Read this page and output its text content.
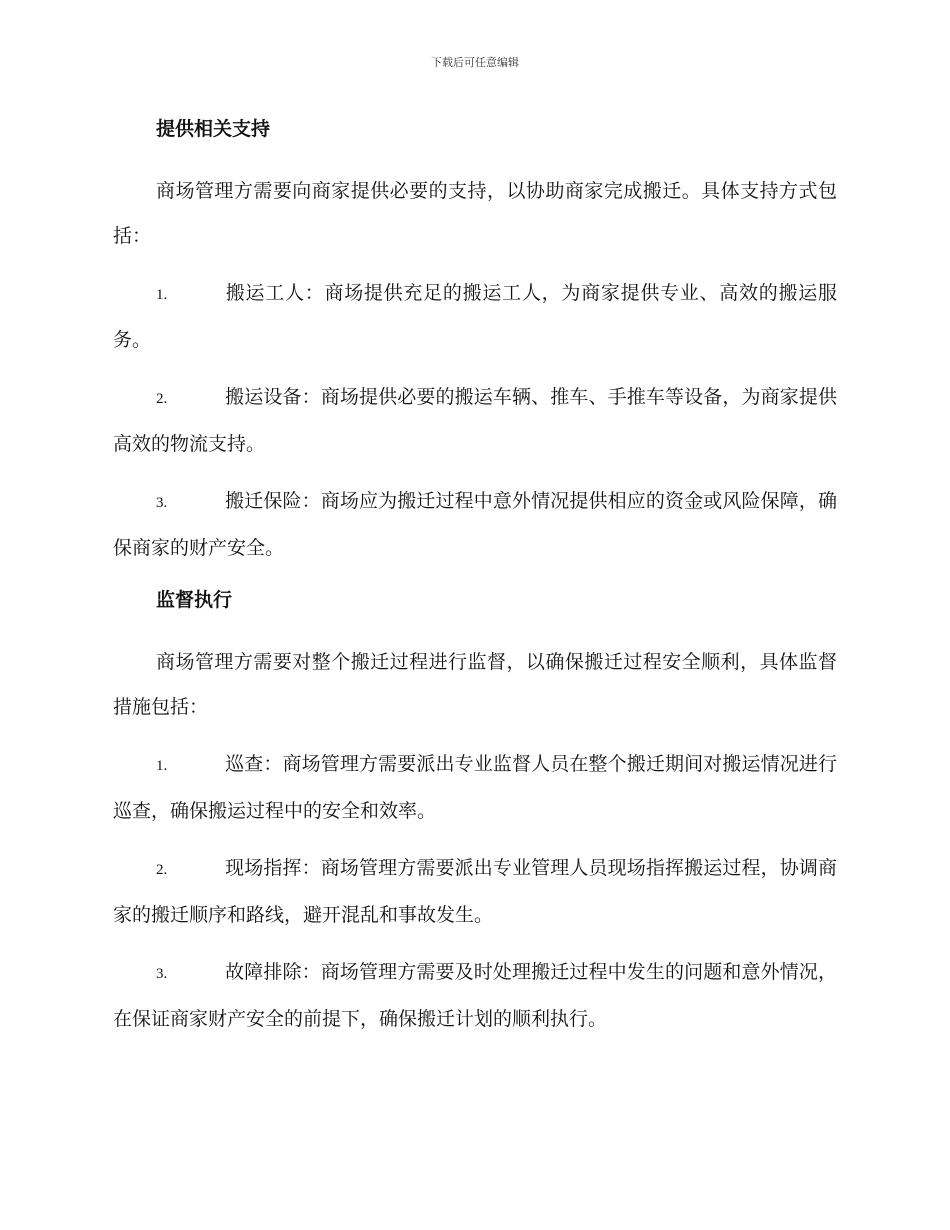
下载后可任意编辑
提供相关支持

商场管理方需要向商家提供必要的支持，以协助商家完成搬迁。具体支持方式包括：

1.	搬运工人：商场提供充足的搬运工人，为商家提供专业、高效的搬运服务。

2.	搬运设备：商场提供必要的搬运车辆、推车、手推车等设备，为商家提供高效的物流支持。

3.	搬迁保险：商场应为搬迁过程中意外情况提供相应的资金或风险保障，确保商家的财产安全。

监督执行

商场管理方需要对整个搬迁过程进行监督，以确保搬迁过程安全顺利，具体监督措施包括：

1.	巡查：商场管理方需要派出专业监督人员在整个搬迁期间对搬运情况进行巡查，确保搬运过程中的安全和效率。

2.	现场指挥：商场管理方需要派出专业管理人员现场指挥搬运过程，协调商家的搬迁顺序和路线，避开混乱和事故发生。

3.	故障排除：商场管理方需要及时处理搬迁过程中发生的问题和意外情况，在保证商家财产安全的前提下，确保搬迁计划的顺利执行。
